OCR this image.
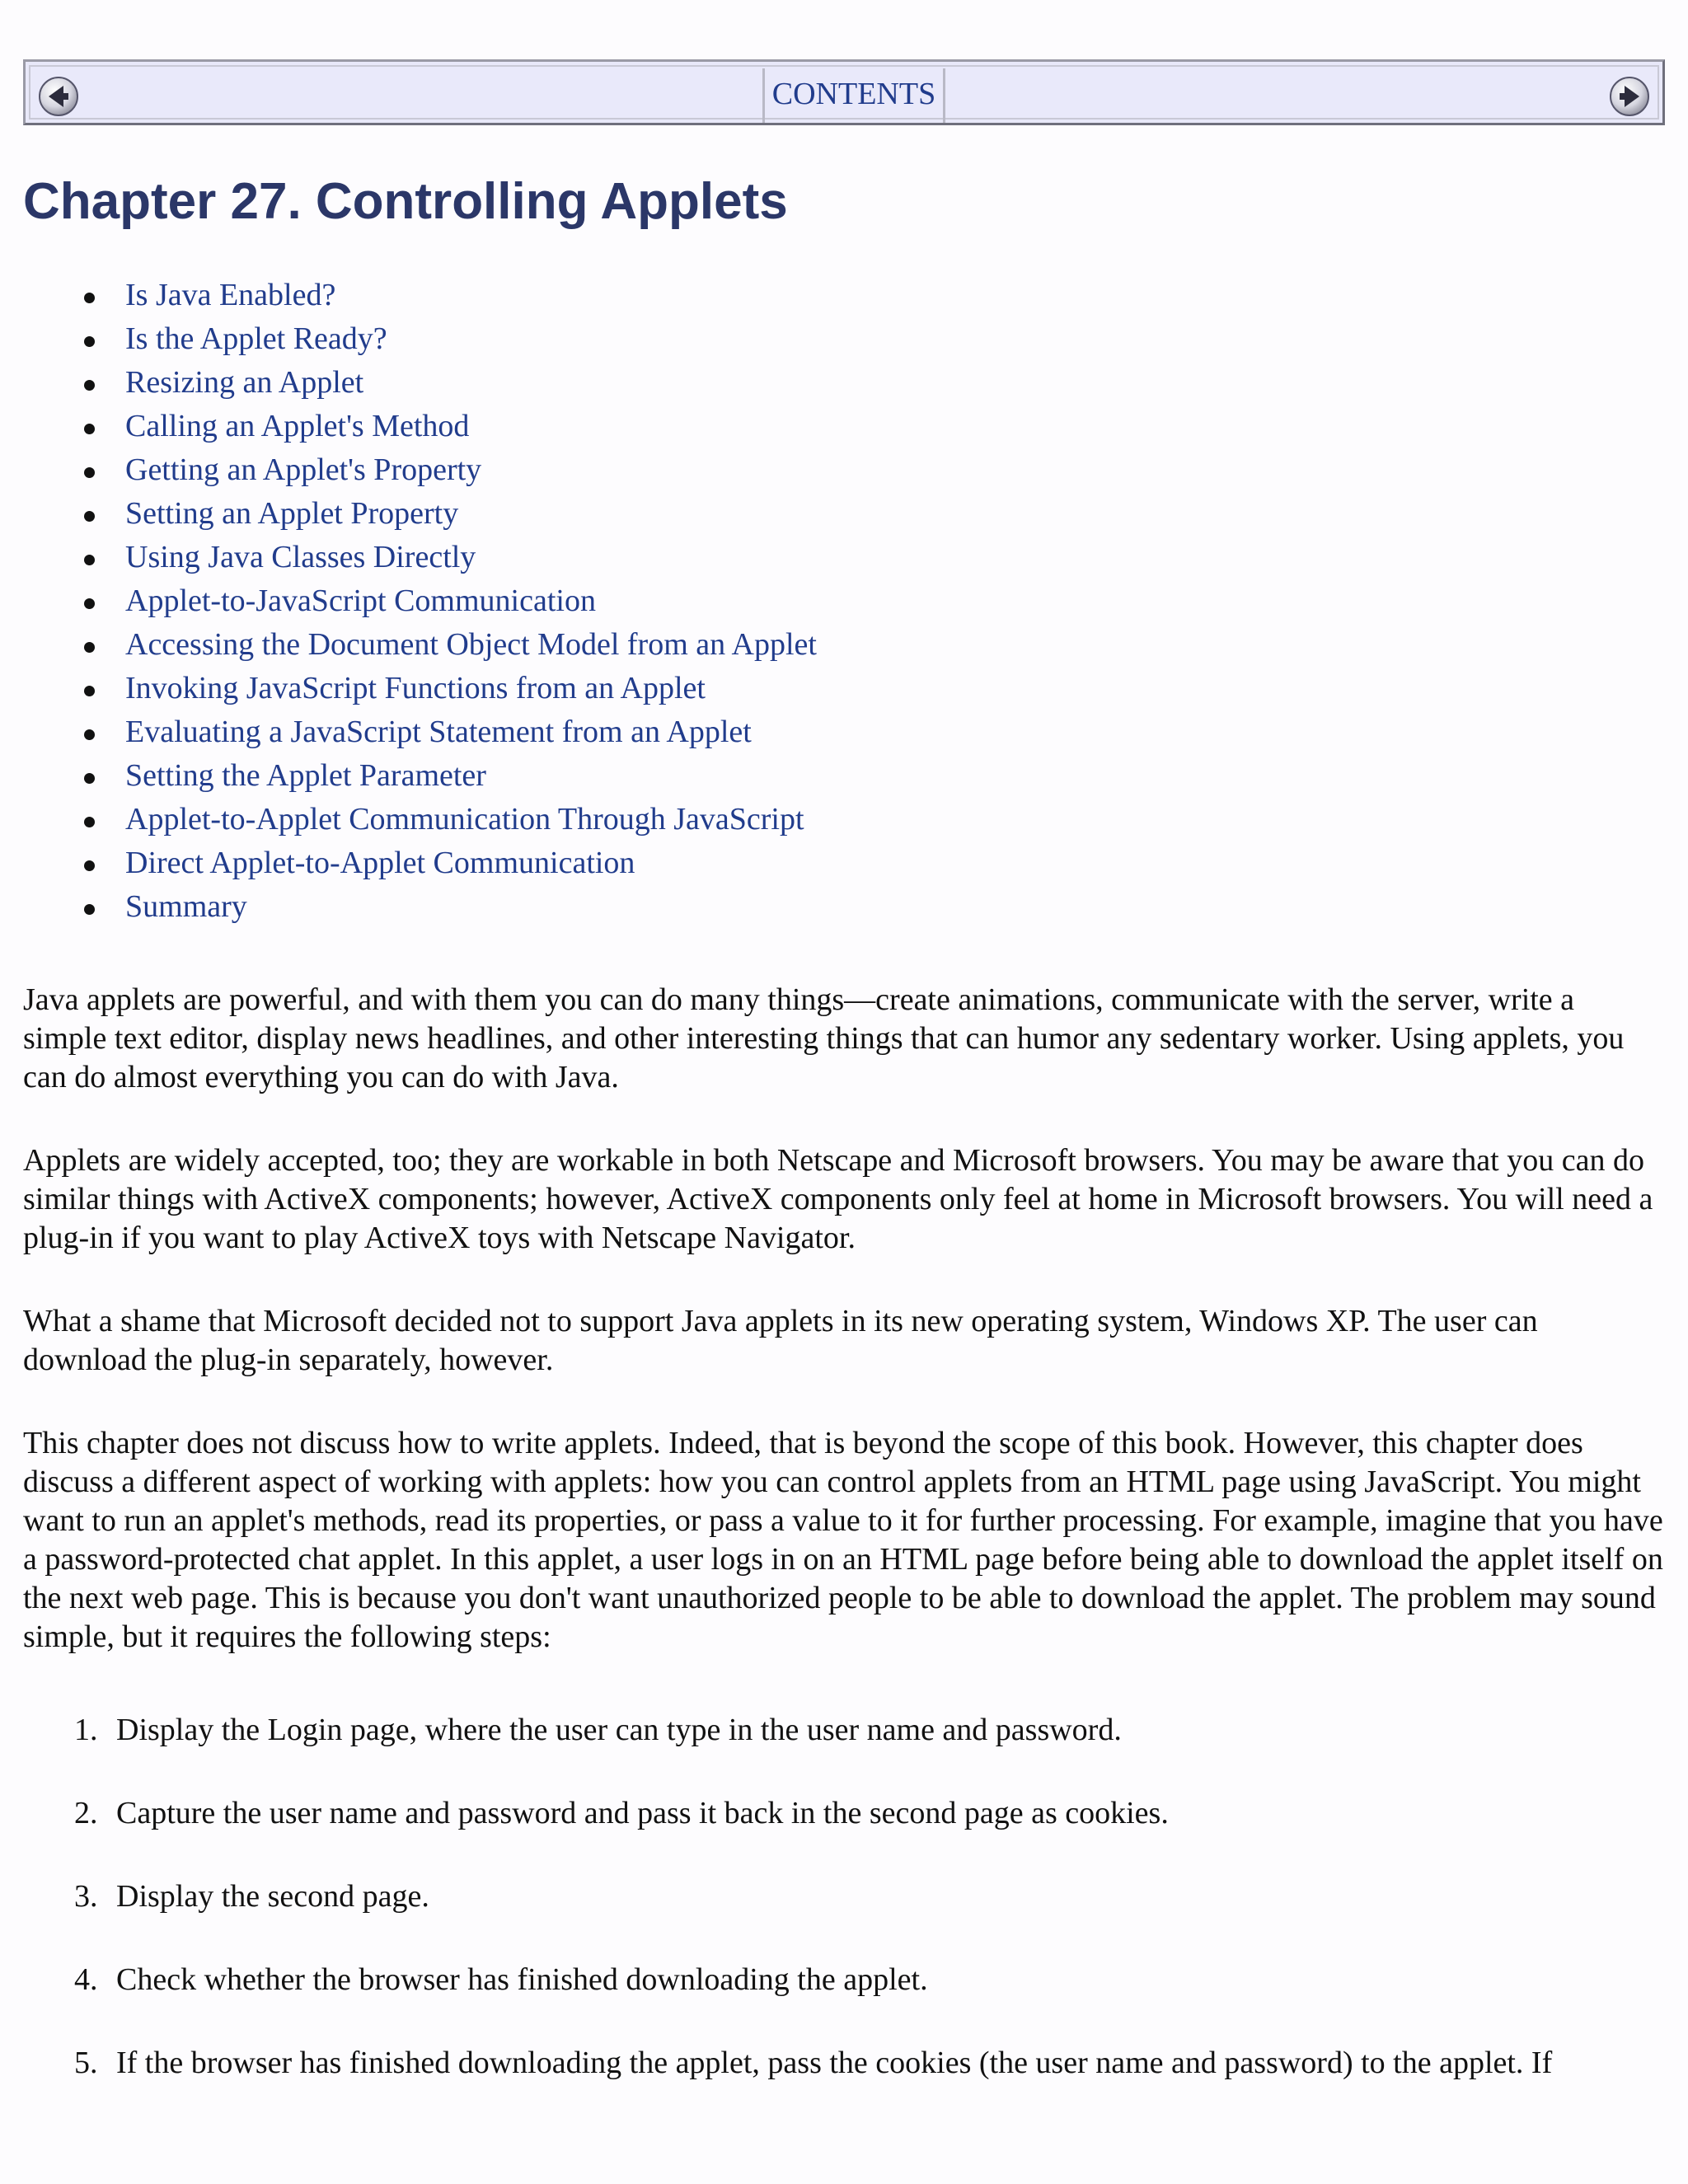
CONTENTS
Chapter 27. Controlling Applets
Is Java Enabled?
Is the Applet Ready?
Resizing an Applet
Calling an Applet's Method
Getting an Applet's Property
Setting an Applet Property
Using Java Classes Directly
Applet-to-JavaScript Communication
Accessing the Document Object Model from an Applet
Invoking JavaScript Functions from an Applet
Evaluating a JavaScript Statement from an Applet
Setting the Applet Parameter
Applet-to-Applet Communication Through JavaScript
Direct Applet-to-Applet Communication
Summary

Java applets are powerful, and with them you can do many things—create animations, communicate with the server, write a simple text editor, display news headlines, and other interesting things that can humor any sedentary worker. Using applets, you can do almost everything you can do with Java.

Applets are widely accepted, too; they are workable in both Netscape and Microsoft browsers. You may be aware that you can do similar things with ActiveX components; however, ActiveX components only feel at home in Microsoft browsers. You will need a plug-in if you want to play ActiveX toys with Netscape Navigator.

What a shame that Microsoft decided not to support Java applets in its new operating system, Windows XP. The user can download the plug-in separately, however.

This chapter does not discuss how to write applets. Indeed, that is beyond the scope of this book. However, this chapter does discuss a different aspect of working with applets: how you can control applets from an HTML page using JavaScript. You might want to run an applet's methods, read its properties, or pass a value to it for further processing. For example, imagine that you have a password-protected chat applet. In this applet, a user logs in on an HTML page before being able to download the applet itself on the next web page. This is because you don't want unauthorized people to be able to download the applet. The problem may sound simple, but it requires the following steps:

1. Display the Login page, where the user can type in the user name and password.
2. Capture the user name and password and pass it back in the second page as cookies.
3. Display the second page.
4. Check whether the browser has finished downloading the applet.
5. If the browser has finished downloading the applet, pass the cookies (the user name and password) to the applet. If
